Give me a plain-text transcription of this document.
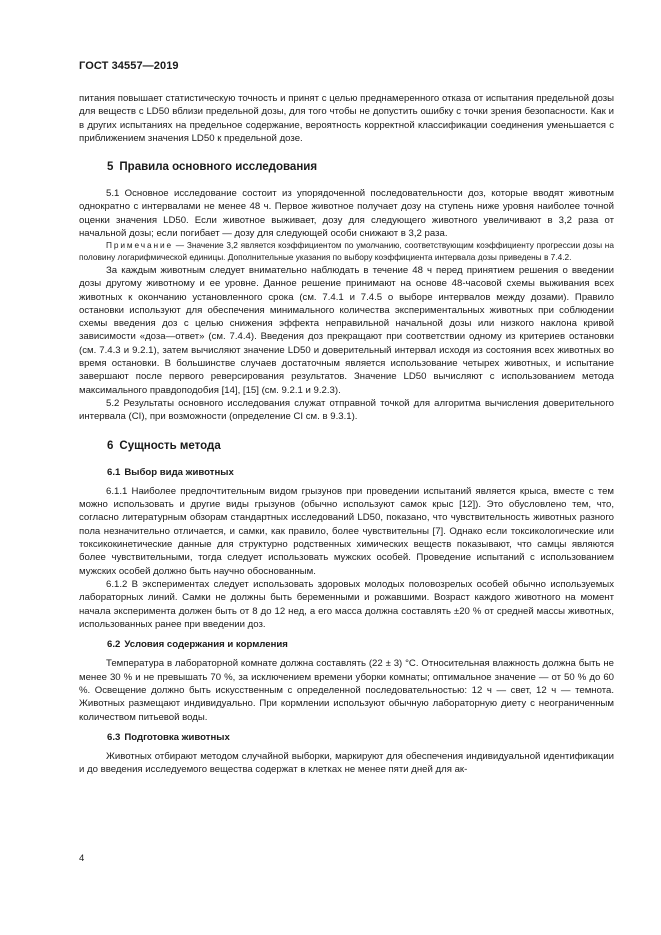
ГОСТ 34557—2019

питания повышает статистическую точность и принят с целью преднамеренного отказа от испытания предельной дозы для веществ с LD50 вблизи предельной дозы, для того чтобы не допустить ошибку с точки зрения безопасности. Как и в других испытаниях на предельное содержание, вероятность корректной классификации соединения уменьшается с приближением значения LD50 к предельной дозе.

5 Правила основного исследования

5.1 Основное исследование состоит из упорядоченной последовательности доз, которые вводят животным однократно с интервалами не менее 48 ч. Первое животное получает дозу на ступень ниже уровня наиболее точной оценки значения LD50. Если животное выживает, дозу для следующего животного увеличивают в 3,2 раза от начальной дозы; если погибает — дозу для следующей особи снижают в 3,2 раза.

Примечание — Значение 3,2 является коэффициентом по умолчанию, соответствующим коэффициенту прогрессии дозы на половину логарифмической единицы. Дополнительные указания по выбору коэффициента интервала дозы приведены в 7.4.2.

За каждым животным следует внимательно наблюдать в течение 48 ч перед принятием решения о введении дозы другому животному и ее уровне. Данное решение принимают на основе 48-часовой схемы выживания всех животных к окончанию установленного срока (см. 7.4.1 и 7.4.5 о выборе интервалов между дозами). Правило остановки используют для обеспечения минимального количества экспериментальных животных при соблюдении схемы введения доз с целью снижения эффекта неправильной начальной дозы или низкого наклона кривой зависимости «доза—ответ» (см. 7.4.4). Введения доз прекращают при соответствии одному из критериев остановки (см. 7.4.3 и 9.2.1), затем вычисляют значение LD50 и доверительный интервал исходя из состояния всех животных во время остановки. В большинстве случаев достаточным является использование четырех животных, и испытание завершают после первого реверсирования результатов. Значение LD50 вычисляют с использованием метода максимального правдоподобия [14], [15] (см. 9.2.1 и 9.2.3).

5.2 Результаты основного исследования служат отправной точкой для алгоритма вычисления доверительного интервала (CI), при возможности (определение CI см. в 9.3.1).

6 Сущность метода
6.1 Выбор вида животных

6.1.1 Наиболее предпочтительным видом грызунов при проведении испытаний является крыса, вместе с тем можно использовать и другие виды грызунов (обычно используют самок крыс [12]). Это обусловлено тем, что, согласно литературным обзорам стандартных исследований LD50, показано, что чувствительность животных разного пола незначительно отличается, и самки, как правило, более чувствительны [7]. Однако если токсикологические или токсикокинетические данные для структурно родственных химических веществ показывают, что самцы являются более чувствительными, тогда следует использовать мужских особей. Проведение испытаний с использованием мужских особей должно быть научно обоснованным.

6.1.2 В экспериментах следует использовать здоровых молодых половозрелых особей обычно используемых лабораторных линий. Самки не должны быть беременными и рожавшими. Возраст каждого животного на момент начала эксперимента должен быть от 8 до 12 нед, а его масса должна составлять ±20 % от средней массы животных, использованных ранее при введении доз.

6.2 Условия содержания и кормления

Температура в лабораторной комнате должна составлять (22 ± 3) °С. Относительная влажность должна быть не менее 30 % и не превышать 70 %, за исключением времени уборки комнаты; оптимальное значение — от 50 % до 60 %. Освещение должно быть искусственным с определенной последовательностью: 12 ч — свет, 12 ч — темнота. Животных размещают индивидуально. При кормлении используют обычную лабораторную диету с неограниченным количеством питьевой воды.

6.3 Подготовка животных

Животных отбирают методом случайной выборки, маркируют для обеспечения индивидуальной идентификации и до введения исследуемого вещества содержат в клетках не менее пяти дней для ак-

4
